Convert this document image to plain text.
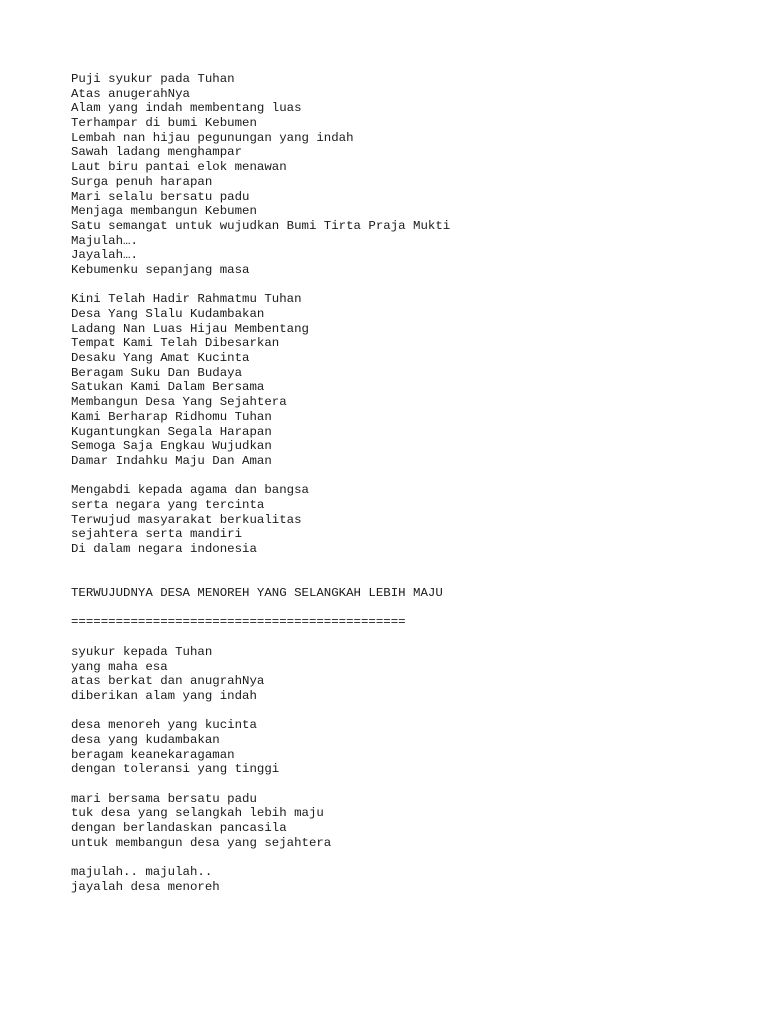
Puji syukur pada Tuhan
Atas anugerahNya
Alam yang indah membentang luas
Terhampar di bumi Kebumen
Lembah nan hijau pegunungan yang indah
Sawah ladang menghampar
Laut biru pantai elok menawan
Surga penuh harapan
Mari selalu bersatu padu
Menjaga membangun Kebumen
Satu semangat untuk wujudkan Bumi Tirta Praja Mukti
Majulah….
Jayalah….
Kebumenku sepanjang masa
Kini Telah Hadir Rahmatmu Tuhan
Desa Yang Slalu Kudambakan
Ladang Nan Luas Hijau Membentang
Tempat Kami Telah Dibesarkan
Desaku Yang Amat Kucinta
Beragam Suku Dan Budaya
Satukan Kami Dalam Bersama
Membangun Desa Yang Sejahtera
Kami Berharap Ridhomu Tuhan
Kugantungkan Segala Harapan
Semoga Saja Engkau Wujudkan
Damar Indahku Maju Dan Aman
Mengabdi kepada agama dan bangsa
serta negara yang tercinta
Terwujud masyarakat berkualitas
sejahtera serta mandiri
Di dalam negara indonesia
TERWUJUDNYA DESA MENOREH YANG SELANGKAH LEBIH MAJU
=============================================
syukur kepada Tuhan
yang maha esa
atas berkat dan anugrahNya
diberikan alam yang indah
desa menoreh yang kucinta
desa yang kudambakan
beragam keanekaragaman
dengan toleransi yang tinggi
mari bersama bersatu padu
tuk desa yang selangkah lebih maju
dengan berlandaskan pancasila
untuk membangun desa yang sejahtera
majulah.. majulah..
jayalah desa menoreh
